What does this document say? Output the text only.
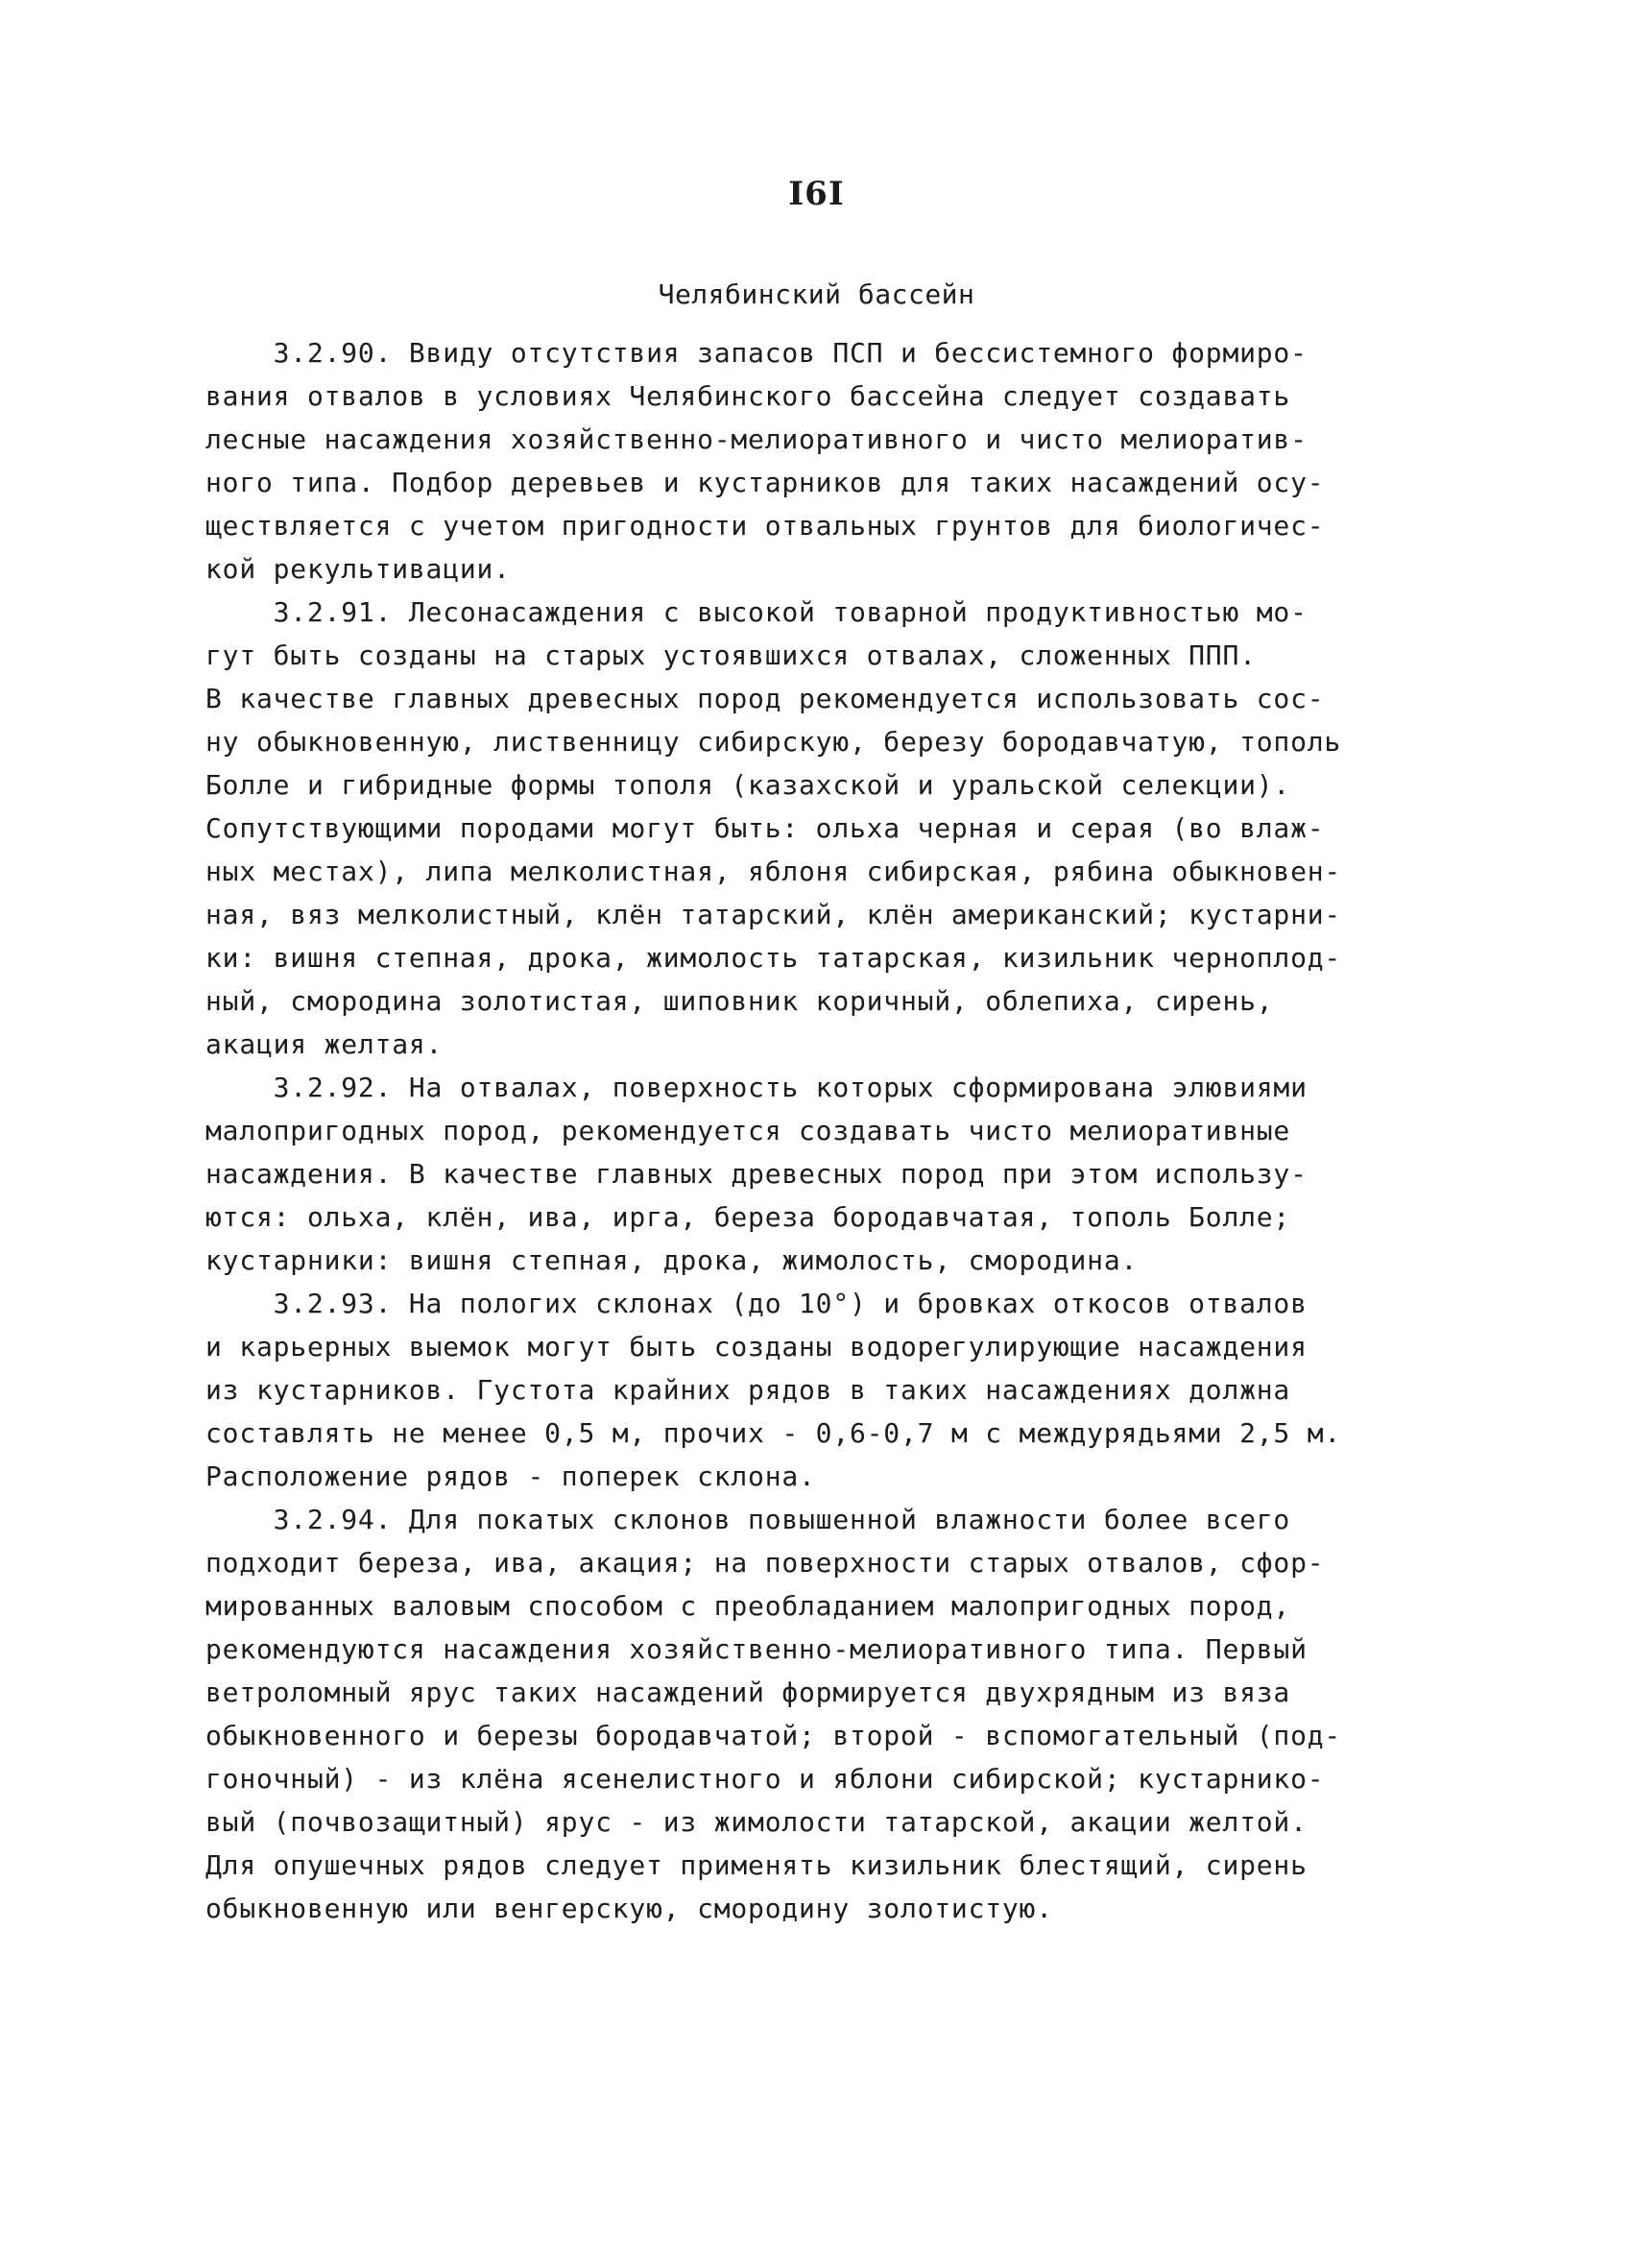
I6I
Челябинский бассейн
3.2.90. Ввиду отсутствия запасов ПСП и бессистемного формиро-
вания отвалов в условиях Челябинского бассейна следует создавать
лесные насаждения хозяйственно-мелиоративного и чисто мелиоратив-
ного типа. Подбор деревьев и кустарников для таких насаждений осу-
ществляется с учетом пригодности отвальных грунтов для биологичес-
кой рекультивации.
3.2.91. Лесонасаждения с высокой товарной продуктивностью мо-
гут быть созданы на старых устоявшихся отвалах, сложенных ППП.
В качестве главных древесных пород рекомендуется использовать сос-
ну обыкновенную, лиственницу сибирскую, березу бородавчатую, тополь
Болле и гибридные формы тополя (казахской и уральской селекции).
Сопутствующими породами могут быть: ольха черная и серая (во влаж-
ных местах), липа мелколистная, яблоня сибирская, рябина обыкновен-
ная, вяз мелколистный, клён татарский, клён американский; кустарни-
ки: вишня степная, дрока, жимолость татарская, кизильник черноплод-
ный, смородина золотистая, шиповник коричный, облепиха, сирень,
акация желтая.
3.2.92. На отвалах, поверхность которых сформирована элювиями
малопригодных пород, рекомендуется создавать чисто мелиоративные
насаждения. В качестве главных древесных пород при этом использу-
ются: ольха, клён, ива, ирга, береза бородавчатая, тополь Болле;
кустарники: вишня степная, дрока, жимолость, смородина.
3.2.93. На пологих склонах (до 10°) и бровках откосов отвалов
и карьерных выемок могут быть созданы водорегулирующие насаждения
из кустарников. Густота крайних рядов в таких насаждениях должна
составлять не менее 0,5 м, прочих - 0,6-0,7 м с междурядьями 2,5 м.
Расположение рядов - поперек склона.
3.2.94. Для покатых склонов повышенной влажности более всего
подходит береза, ива, акация; на поверхности старых отвалов, сфор-
мированных валовым способом с преобладанием малопригодных пород,
рекомендуются насаждения хозяйственно-мелиоративного типа. Первый
ветроломный ярус таких насаждений формируется двухрядным из вяза
обыкновенного и березы бородавчатой; второй - вспомогательный (под-
гоночный) - из клёна ясенелистного и яблони сибирской; кустарнико-
вый (почвозащитный) ярус - из жимолости татарской, акации желтой.
Для опушечных рядов следует применять кизильник блестящий, сирень
обыкновенную или венгерскую, смородину золотистую.
